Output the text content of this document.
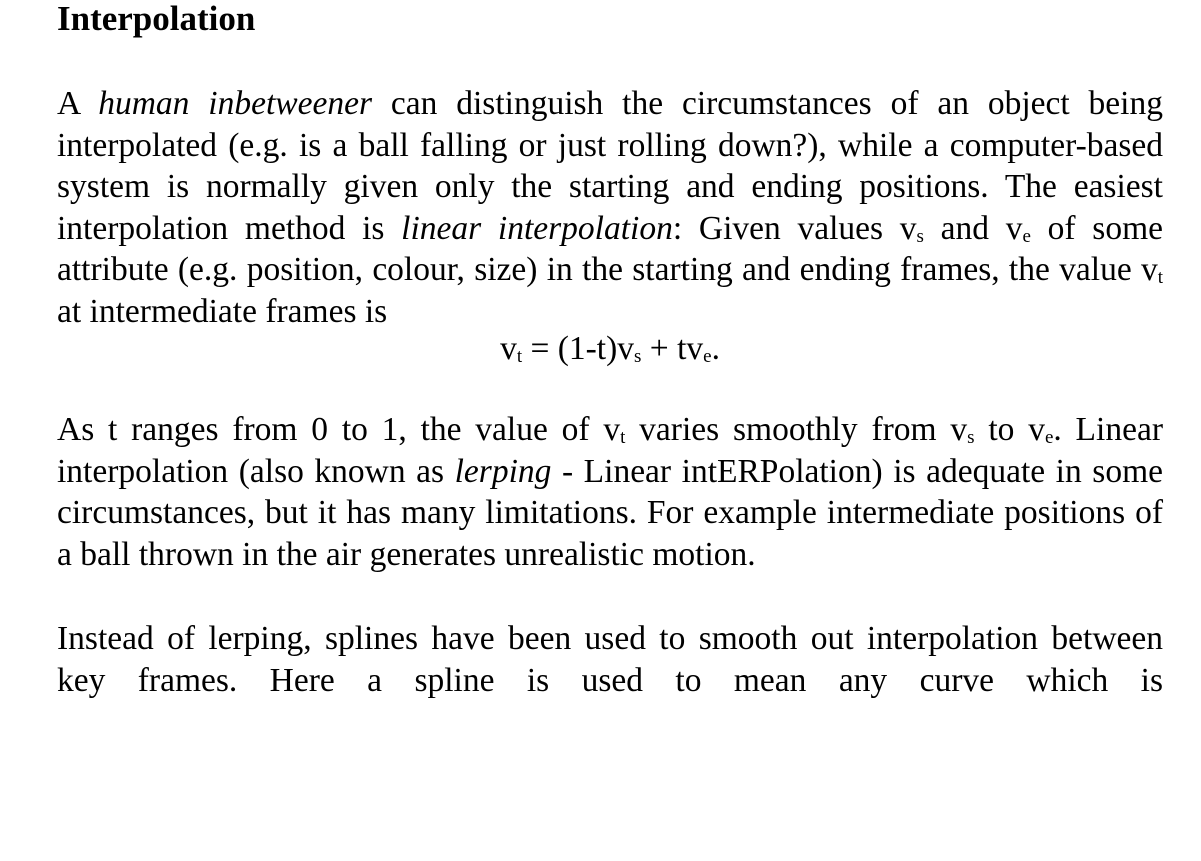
Interpolation

A human inbetweener can distinguish the circumstances of an object being interpolated (e.g. is a ball falling or just rolling down?), while a computer-based system is normally given only the starting and ending positions. The easiest interpolation method is linear interpolation: Given values vs and ve of some attribute (e.g. position, colour, size) in the starting and ending frames, the value vt at intermediate frames is

vt = (1-t)vs + tve.

As t ranges from 0 to 1, the value of vt varies smoothly from vs to ve. Linear interpolation (also known as lerping - Linear intERPolation) is adequate in some circumstances, but it has many limitations. For example intermediate positions of a ball thrown in the air generates unrealistic motion.

Instead of lerping, splines have been used to smooth out interpolation between key frames. Here a spline is used to mean any curve which is
